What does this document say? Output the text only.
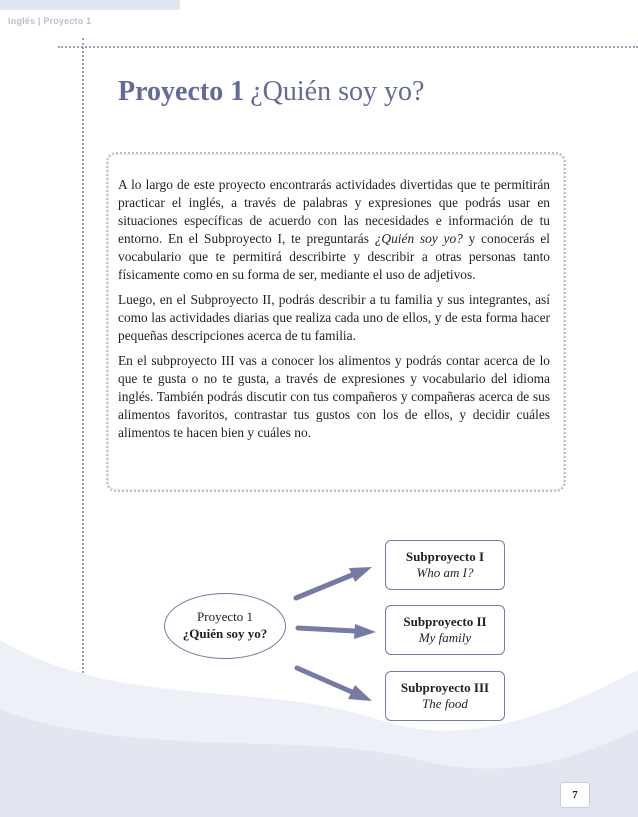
Inglés | Proyecto 1
Proyecto 1 ¿Quién soy yo?

A lo largo de este proyecto encontrarás actividades divertidas que te permitirán practicar el inglés, a través de palabras y expresiones que podrás usar en situaciones específicas de acuerdo con las necesidades e información de tu entorno. En el Subproyecto I, te preguntarás ¿Quién soy yo? y conocerás el vocabulario que te permitirá describirte y describir a otras personas tanto físicamente como en su forma de ser, mediante el uso de adjetivos.

Luego, en el Subproyecto II, podrás describir a tu familia y sus integrantes, así como las actividades diarias que realiza cada uno de ellos, y de esta forma hacer pequeñas descripciones acerca de tu familia.

En el subproyecto III vas a conocer los alimentos y podrás contar acerca de lo que te gusta o no te gusta, a través de expresiones y vocabulario del idioma inglés. También podrás discutir con tus compañeros y compañeras acerca de sus alimentos favoritos, contrastar tus gustos con los de ellos, y decidir cuáles alimentos te hacen bien y cuáles no.

Proyecto 1
¿Quién soy yo?
Subproyecto I
Who am I?
Subproyecto II
My family
Subproyecto III
The food
7
